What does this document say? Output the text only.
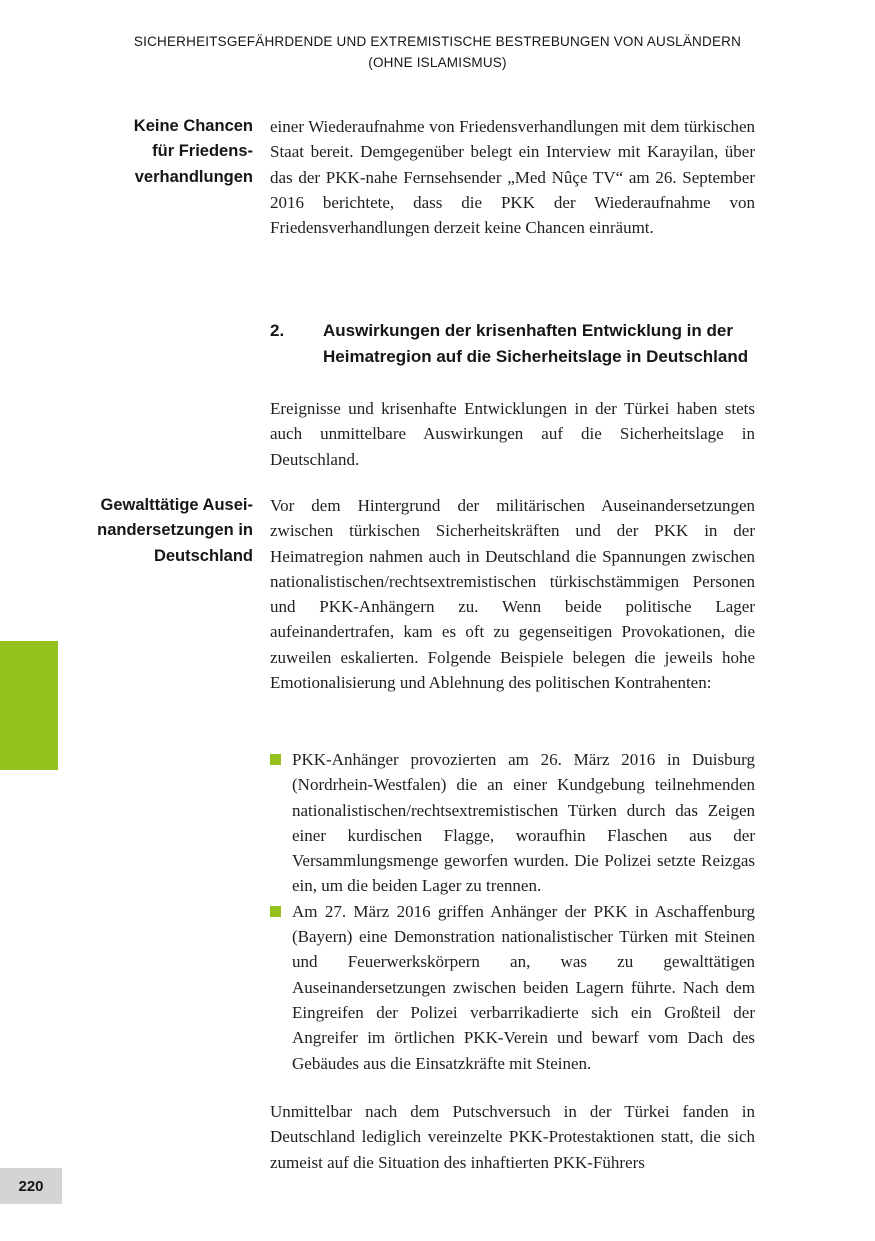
SICHERHEITSGEFÄHRDENDE UND EXTREMISTISCHE BESTREBUNGEN VON AUSLÄNDERN
(OHNE ISLAMISMUS)
Keine Chancen
für Friedens-
verhandlungen
einer Wiederaufnahme von Friedensverhandlungen mit dem türkischen Staat bereit. Demgegenüber belegt ein Interview mit Karayilan, über das der PKK-nahe Fernsehsender „Med Nûçe TV“ am 26. September 2016 berichtete, dass die PKK der Wiederaufnahme von Friedensverhandlungen derzeit keine Chancen einräumt.
2.	Auswirkungen der krisenhaften Entwicklung in der
Heimatregion auf die Sicherheitslage in Deutschland
Ereignisse und krisenhafte Entwicklungen in der Türkei haben stets auch unmittelbare Auswirkungen auf die Sicherheitslage in Deutschland.
Gewalttätige Ausei-
nandersetzungen in
Deutschland
Vor dem Hintergrund der militärischen Auseinandersetzungen zwischen türkischen Sicherheitskräften und der PKK in der Heimatregion nahmen auch in Deutschland die Spannungen zwischen nationalistischen/rechtsextremistischen türkischstämmigen Personen und PKK-Anhängern zu. Wenn beide politische Lager aufeinandertrafen, kam es oft zu gegenseitigen Provokationen, die zuweilen eskalierten. Folgende Beispiele belegen die jeweils hohe Emotionalisierung und Ablehnung des politischen Kontrahenten:
PKK-Anhänger provozierten am 26. März 2016 in Duisburg (Nordrhein-Westfalen) die an einer Kundgebung teilnehmenden nationalistischen/rechtsextremistischen Türken durch das Zeigen einer kurdischen Flagge, woraufhin Flaschen aus der Versammlungsmenge geworfen wurden. Die Polizei setzte Reizgas ein, um die beiden Lager zu trennen.
Am 27. März 2016 griffen Anhänger der PKK in Aschaffenburg (Bayern) eine Demonstration nationalistischer Türken mit Steinen und Feuerwerkskörpern an, was zu gewalttätigen Auseinandersetzungen zwischen beiden Lagern führte. Nach dem Eingreifen der Polizei verbarrikadierte sich ein Großteil der Angreifer im örtlichen PKK-Verein und bewarf vom Dach des Gebäudes aus die Einsatzkräfte mit Steinen.
Unmittelbar nach dem Putschversuch in der Türkei fanden in Deutschland lediglich vereinzelte PKK-Protestaktionen statt, die sich zumeist auf die Situation des inhaftierten PKK-Führers
220
